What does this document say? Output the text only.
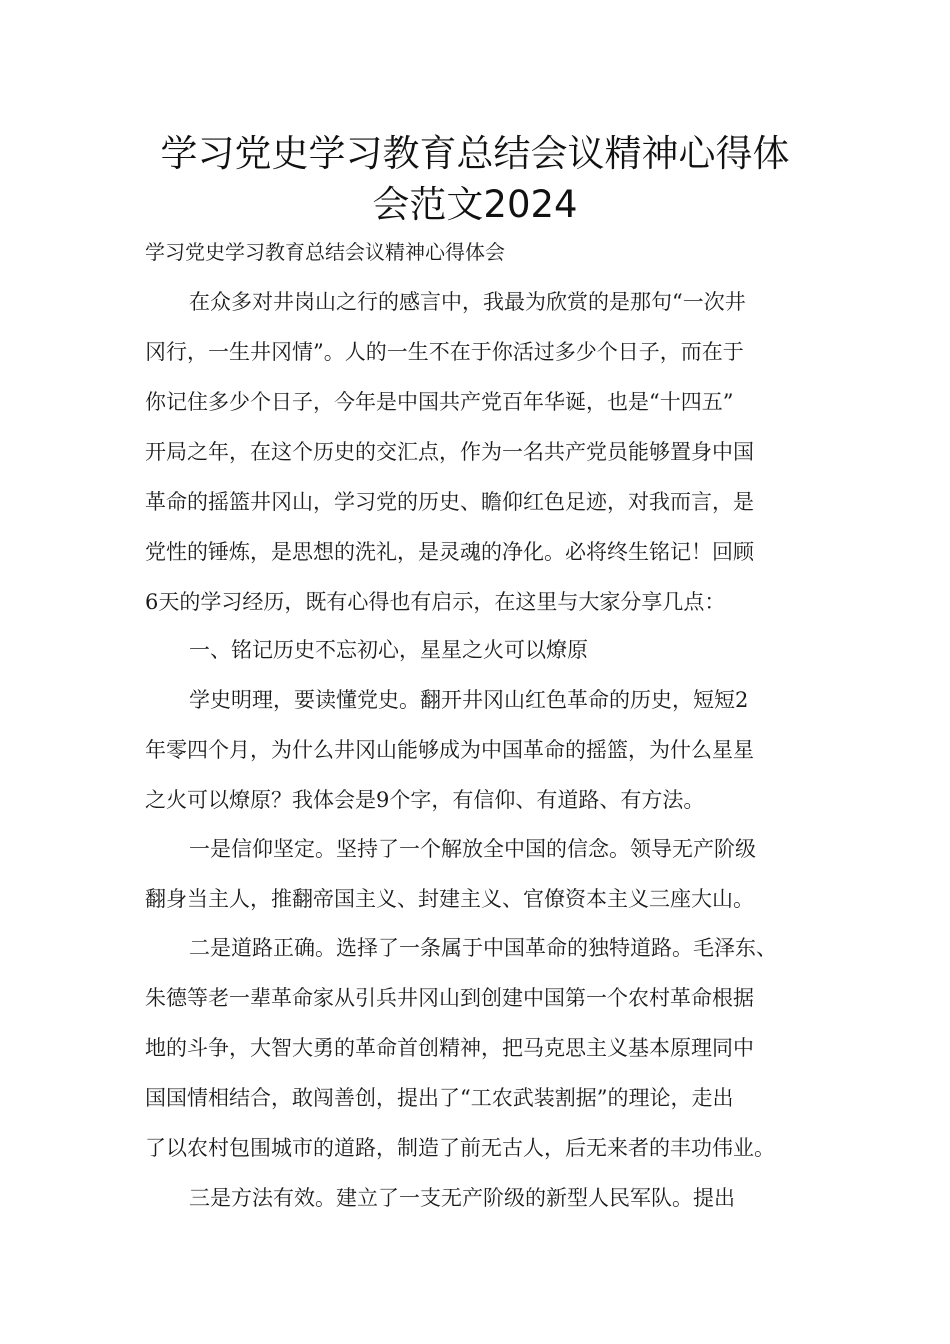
学习党史学习教育总结会议精神心得体
会范文2024
学习党史学习教育总结会议精神心得体会
在众多对井岗山之行的感言中，我最为欣赏的是那句“一次井
冈行，一生井冈情”。人的一生不在于你活过多少个日子，而在于
你记住多少个日子，今年是中国共产党百年华诞，也是“十四五”
开局之年，在这个历史的交汇点，作为一名共产党员能够置身中国
革命的摇篮井冈山，学习党的历史、瞻仰红色足迹，对我而言，是
党性的锤炼，是思想的洗礼，是灵魂的净化。必将终生铭记！回顾
6天的学习经历，既有心得也有启示，在这里与大家分享几点：
一、铭记历史不忘初心，星星之火可以燎原
学史明理，要读懂党史。翻开井冈山红色革命的历史，短短2
年零四个月，为什么井冈山能够成为中国革命的摇篮，为什么星星
之火可以燎原？我体会是9个字，有信仰、有道路、有方法。
一是信仰坚定。坚持了一个解放全中国的信念。领导无产阶级
翻身当主人，推翻帝国主义、封建主义、官僚资本主义三座大山。
二是道路正确。选择了一条属于中国革命的独特道路。毛泽东、
朱德等老一辈革命家从引兵井冈山到创建中国第一个农村革命根据
地的斗争，大智大勇的革命首创精神，把马克思主义基本原理同中
国国情相结合，敢闯善创，提出了“工农武装割据”的理论，走出
了以农村包围城市的道路，制造了前无古人，后无来者的丰功伟业。
三是方法有效。建立了一支无产阶级的新型人民军队。提出
